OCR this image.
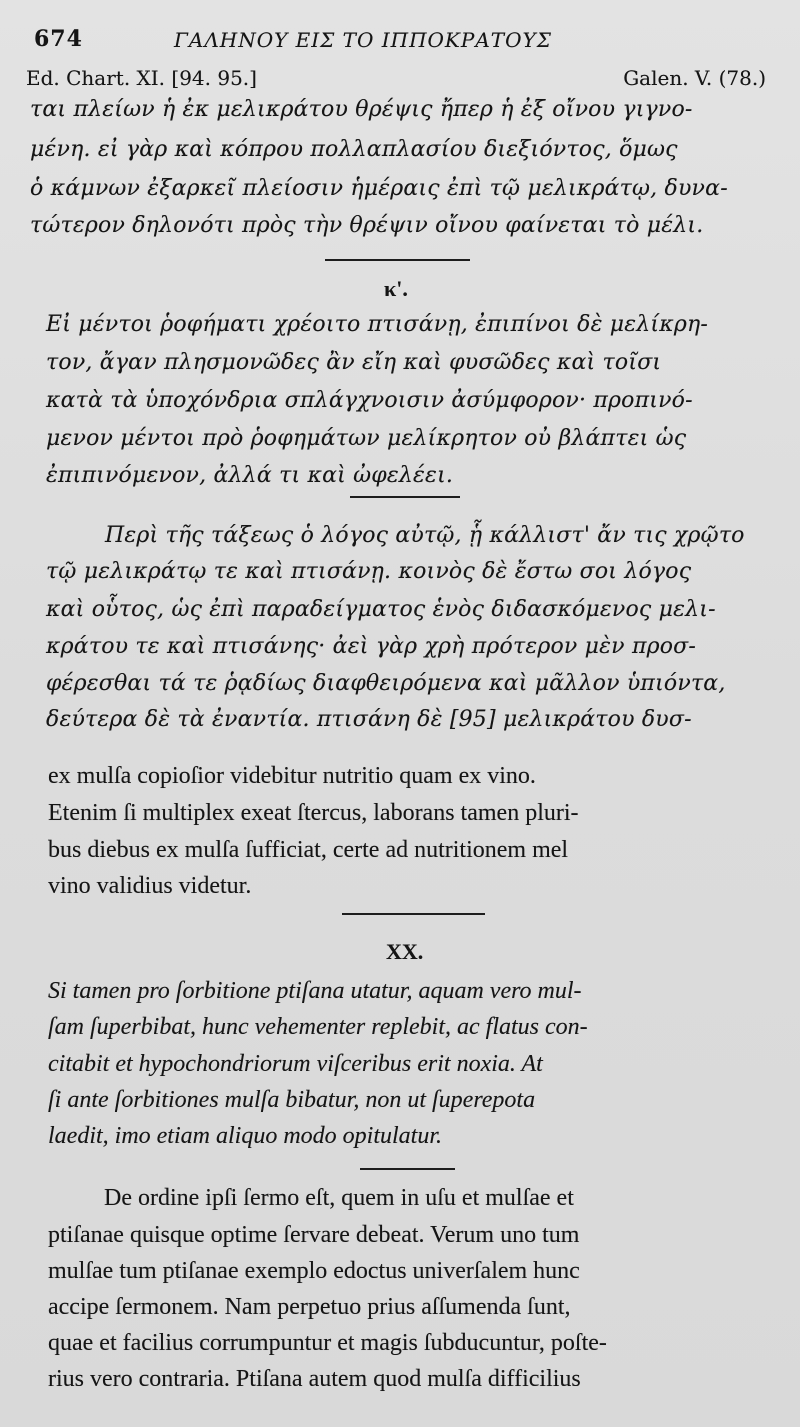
674	ΓΑΛΗΝΟΥ ΕΙΣ ΤΟ ΙΠΠΟΚΡΑΤΟΥΣ
Ed. Chart. XI. [94. 95.]	Galen. V. (78.)
ται πλείων ἡ ἐκ μελικράτου θρέψις ἤπερ ἡ ἐξ οἴνου γιγνο-
μένη. εἰ γὰρ καὶ κόπρου πολλαπλασίου διεξιόντος, ὅμως
ὁ κάμνων ἐξαρκεῖ πλείοσιν ἡμέραις ἐπὶ τῷ μελικράτῳ, δυνα-
τώτερον δηλονότι πρὸς τὴν θρέψιν οἴνου φαίνεται τὸ μέλι.
κ'.
Εἰ μέντοι ῥοφήματι χρέοιτο πτισάνῃ, ἐπιπίνοι δὲ μελίκρη-
τον, ἄγαν πλησμονῶδες ἂν εἴη καὶ φυσῶδες καὶ τοῖσι
κατὰ τὰ ὑποχόνδρια σπλάγχνοισιν ἀσύμφορον· προπινό-
μενον μέντοι πρὸ ῥοφημάτων μελίκρητον οὐ βλάπτει ὡς
ἐπιπινόμενον, ἀλλά τι καὶ ὠφελέει.
Περὶ τῆς τάξεως ὁ λόγος αὐτῷ, ᾗ κάλλιστ' ἄν τις χρῷτο
τῷ μελικράτῳ τε καὶ πτισάνῃ. κοινὸς δὲ ἔστω σοι λόγος
καὶ οὗτος, ὡς ἐπὶ παραδείγματος ἑνὸς διδασκόμενος μελι-
κράτου τε καὶ πτισάνης· ἀεὶ γὰρ χρὴ πρότερον μὲν προσ-
φέρεσθαι τά τε ῥᾳδίως διαφθειρόμενα καὶ μᾶλλον ὑπιόντα,
δεύτερα δὲ τὰ ἐναντία. πτισάνη δὲ [95] μελικράτου δυσ-
ex mulſa copioſior videbitur nutritio quam ex vino.
Etenim ſi multiplex exeat ſtercus, laborans tamen pluri-
bus diebus ex mulſa ſufficiat, certe ad nutritionem mel
vino validius videtur.
XX.
Si tamen pro ſorbitione ptiſana utatur, aquam vero mul-
ſam ſuperbibat, hunc vehementer replebit, ac flatus con-
citabit et hypochondriorum viſceribus erit noxia. At
ſi ante ſorbitiones mulſa bibatur, non ut ſuperepota
laedit, imo etiam aliquo modo opitulatur.
De ordine ipſi ſermo eſt, quem in uſu et mulſae et
ptiſanae quisque optime ſervare debeat. Verum uno tum
mulſae tum ptiſanae exemplo edoctus univerſalem hunc
accipe ſermonem. Nam perpetuo prius aſſumenda ſunt,
quae et facilius corrumpuntur et magis ſubducuntur, poſte-
rius vero contraria. Ptiſana autem quod mulſa difficilius
